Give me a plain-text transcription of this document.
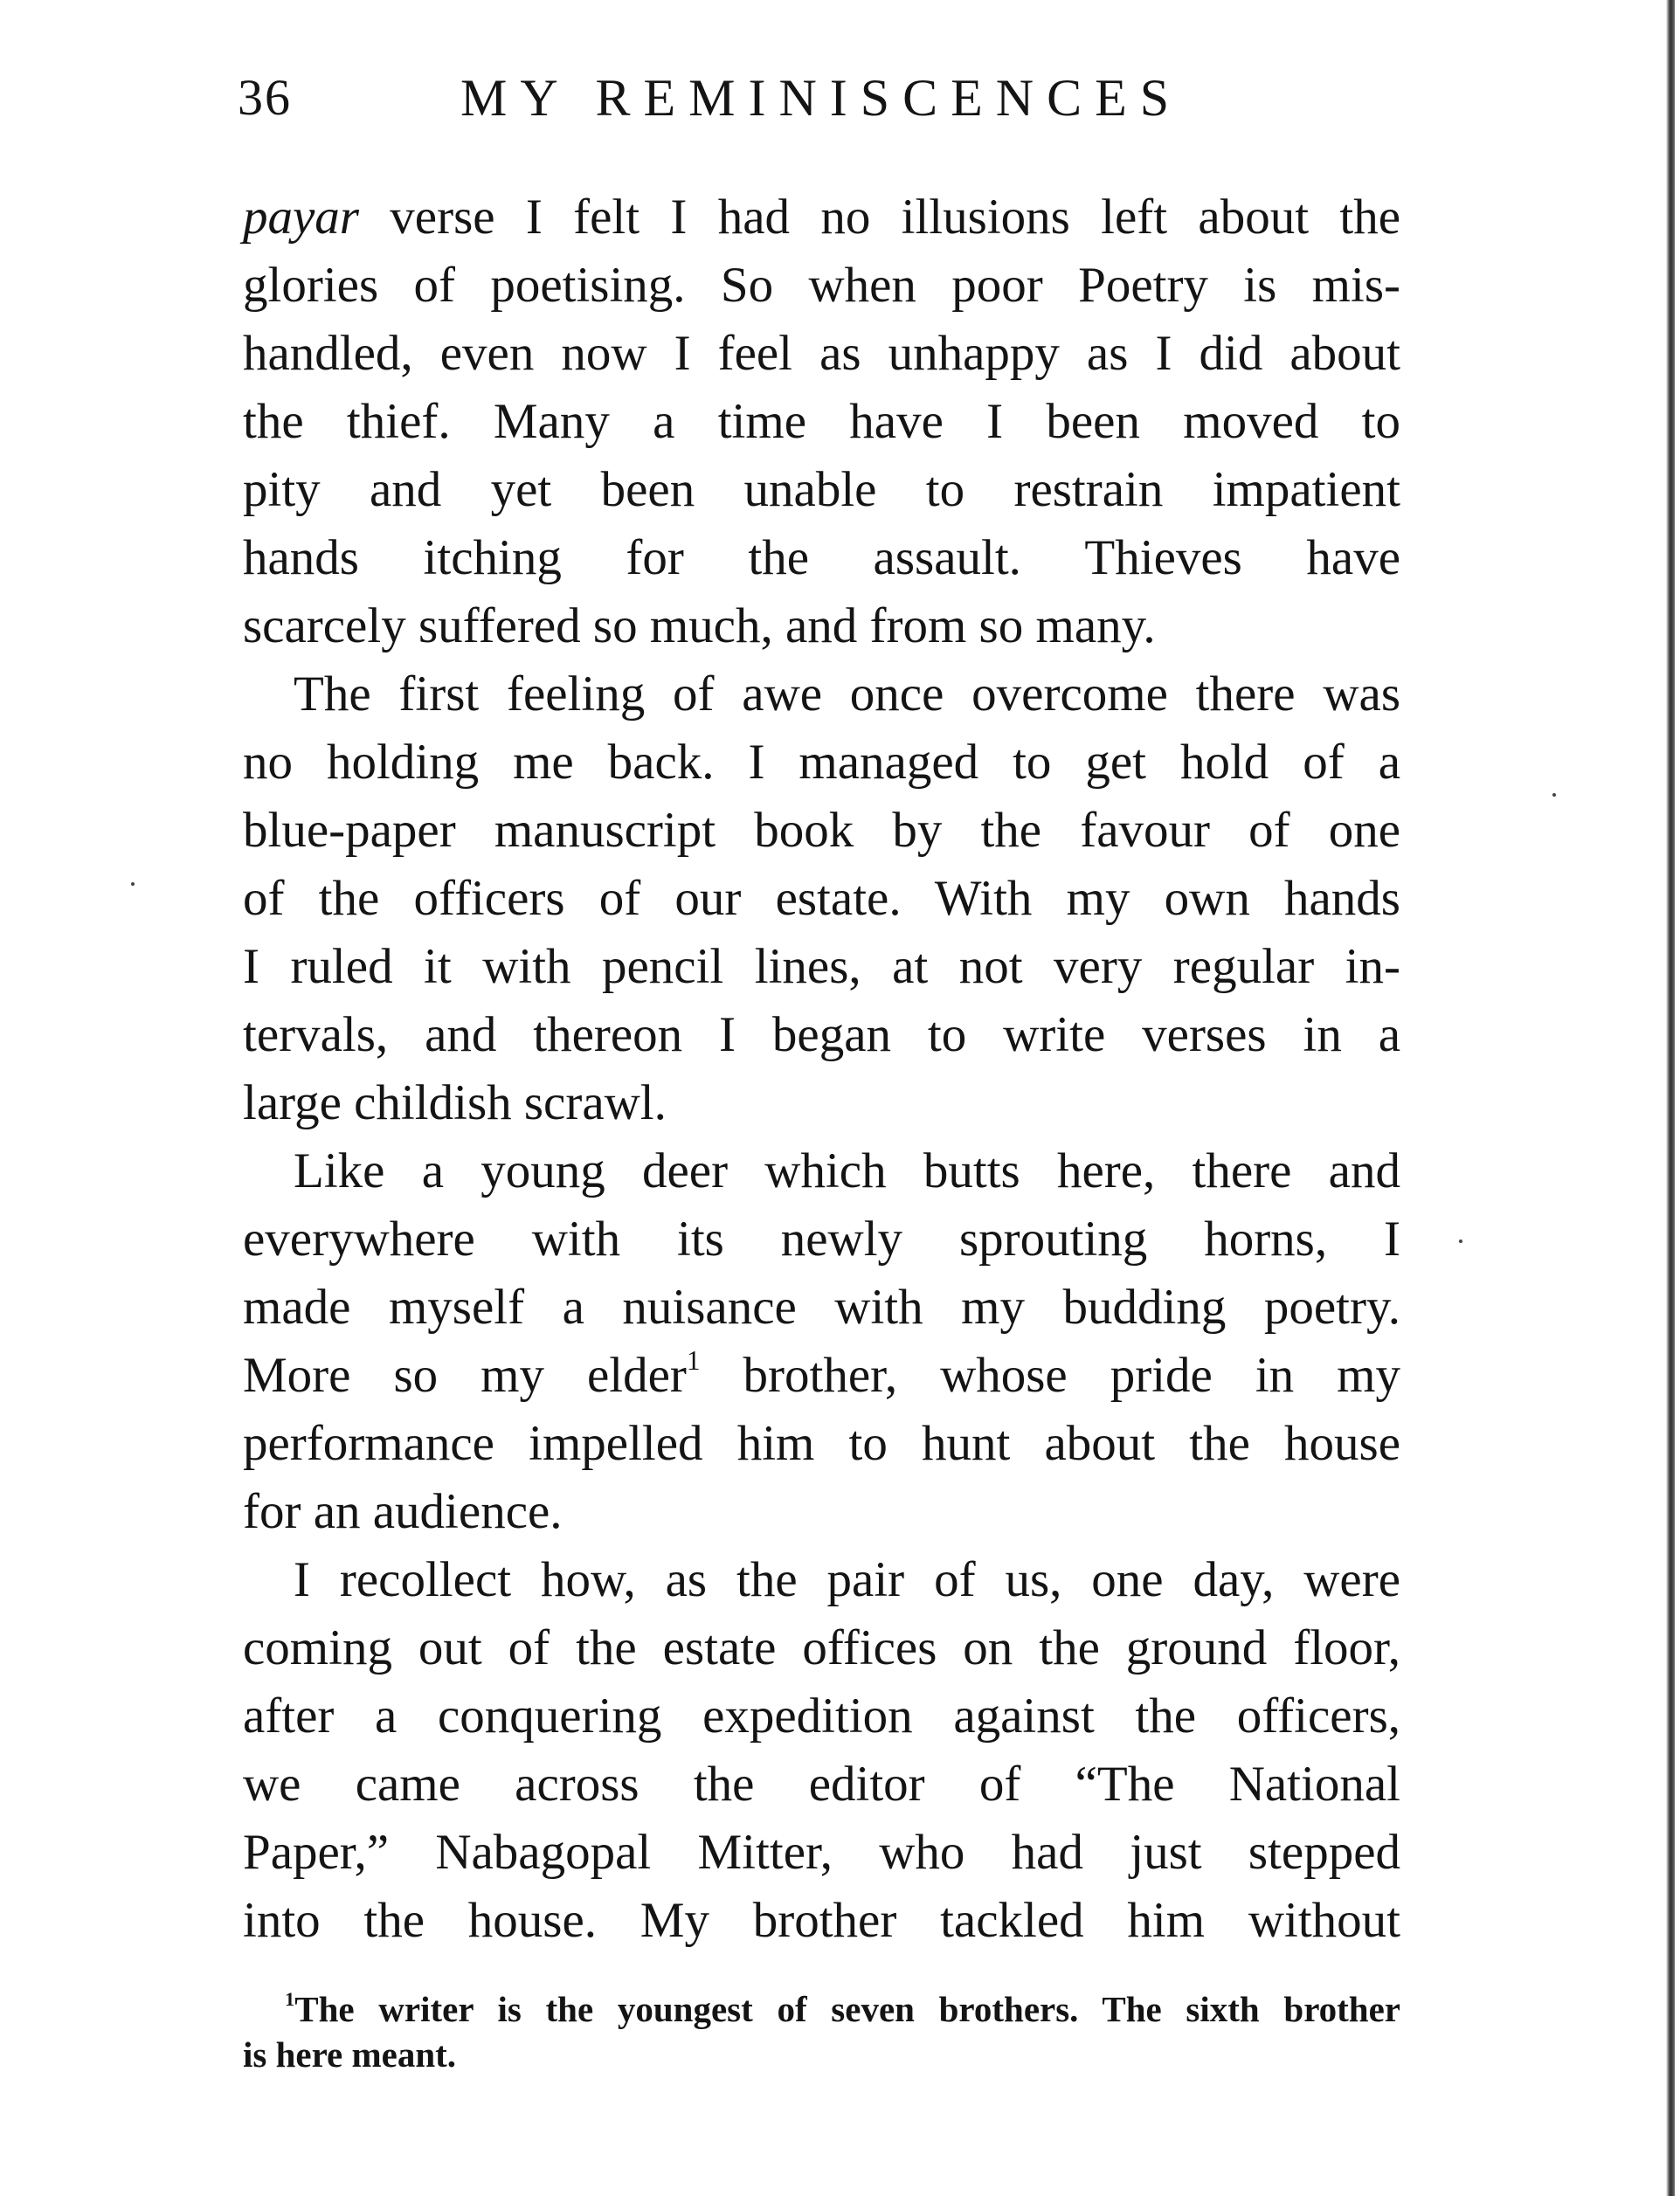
36	MY REMINISCENCES
payar verse I felt I had no illusions left about the
glories of poetising. So when poor Poetry is mis-
handled, even now I feel as unhappy as I did about
the thief. Many a time have I been moved to
pity and yet been unable to restrain impatient
hands itching for the assault. Thieves have
scarcely suffered so much, and from so many.
The first feeling of awe once overcome there was
no holding me back. I managed to get hold of a
blue-paper manuscript book by the favour of one
of the officers of our estate. With my own hands
I ruled it with pencil lines, at not very regular in-
tervals, and thereon I began to write verses in a
large childish scrawl.
Like a young deer which butts here, there and
everywhere with its newly sprouting horns, I
made myself a nuisance with my budding poetry.
More so my elder$^1$ brother, whose pride in my
performance impelled him to hunt about the house
for an audience.
I recollect how, as the pair of us, one day, were
coming out of the estate offices on the ground floor,
after a conquering expedition against the officers,
we came across the editor of “The National
Paper,” Nabagopal Mitter, who had just stepped
into the house. My brother tackled him without
$^1$The writer is the youngest of seven brothers. The sixth brother
is here meant.
